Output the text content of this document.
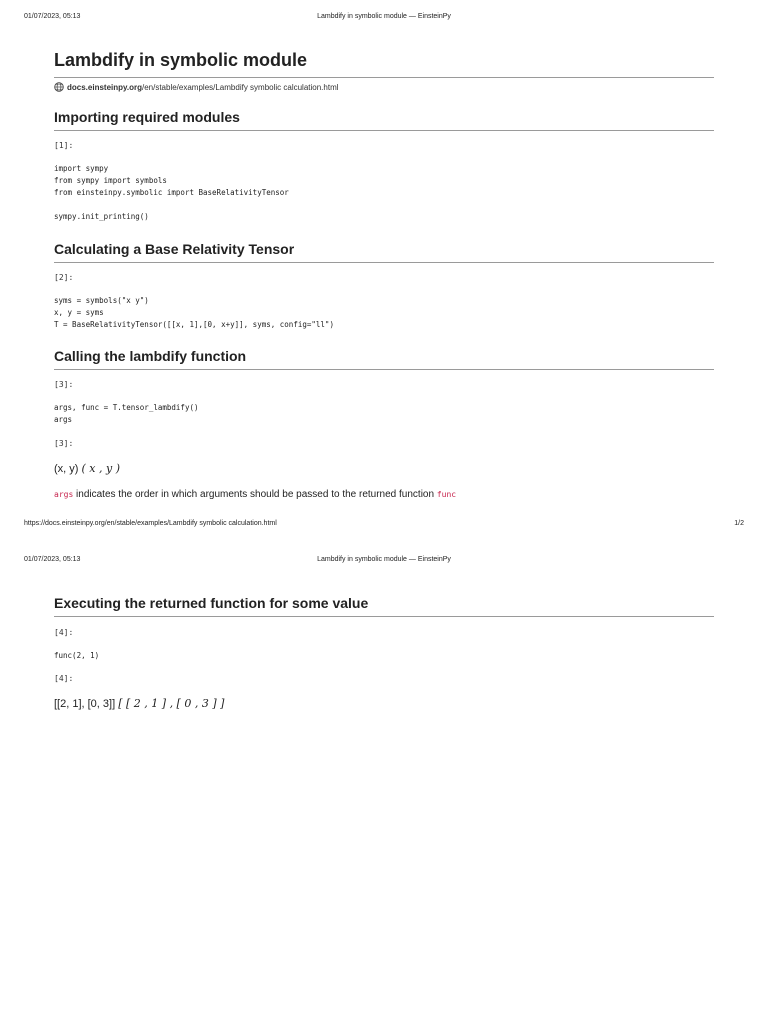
01/07/2023, 05:13	Lambdify in symbolic module — EinsteinPy
Lambdify in symbolic module
docs.einsteinpy.org /en/stable/examples/Lambdify symbolic calculation.html
Importing required modules
[1]:
import sympy
from sympy import symbols
from einsteinpy.symbolic import BaseRelativityTensor

sympy.init_printing()
Calculating a Base Relativity Tensor
[2]:
syms = symbols("x y")
x, y = syms
T = BaseRelativityTensor([[x, 1],[0, x+y]], syms, config="ll")
Calling the lambdify function
[3]:
args, func = T.tensor_lambdify()
args
[3]:
(x, y) ( x , y )
args indicates the order in which arguments should be passed to the returned function func
https://docs.einsteinpy.org/en/stable/examples/Lambdify symbolic calculation.html	1/2
01/07/2023, 05:13	Lambdify in symbolic module — EinsteinPy
Executing the returned function for some value
[4]:
func(2, 1)
[4]:
[[2, 1], [0, 3]] [ [ 2 , 1 ] , [ 0 , 3 ] ]
